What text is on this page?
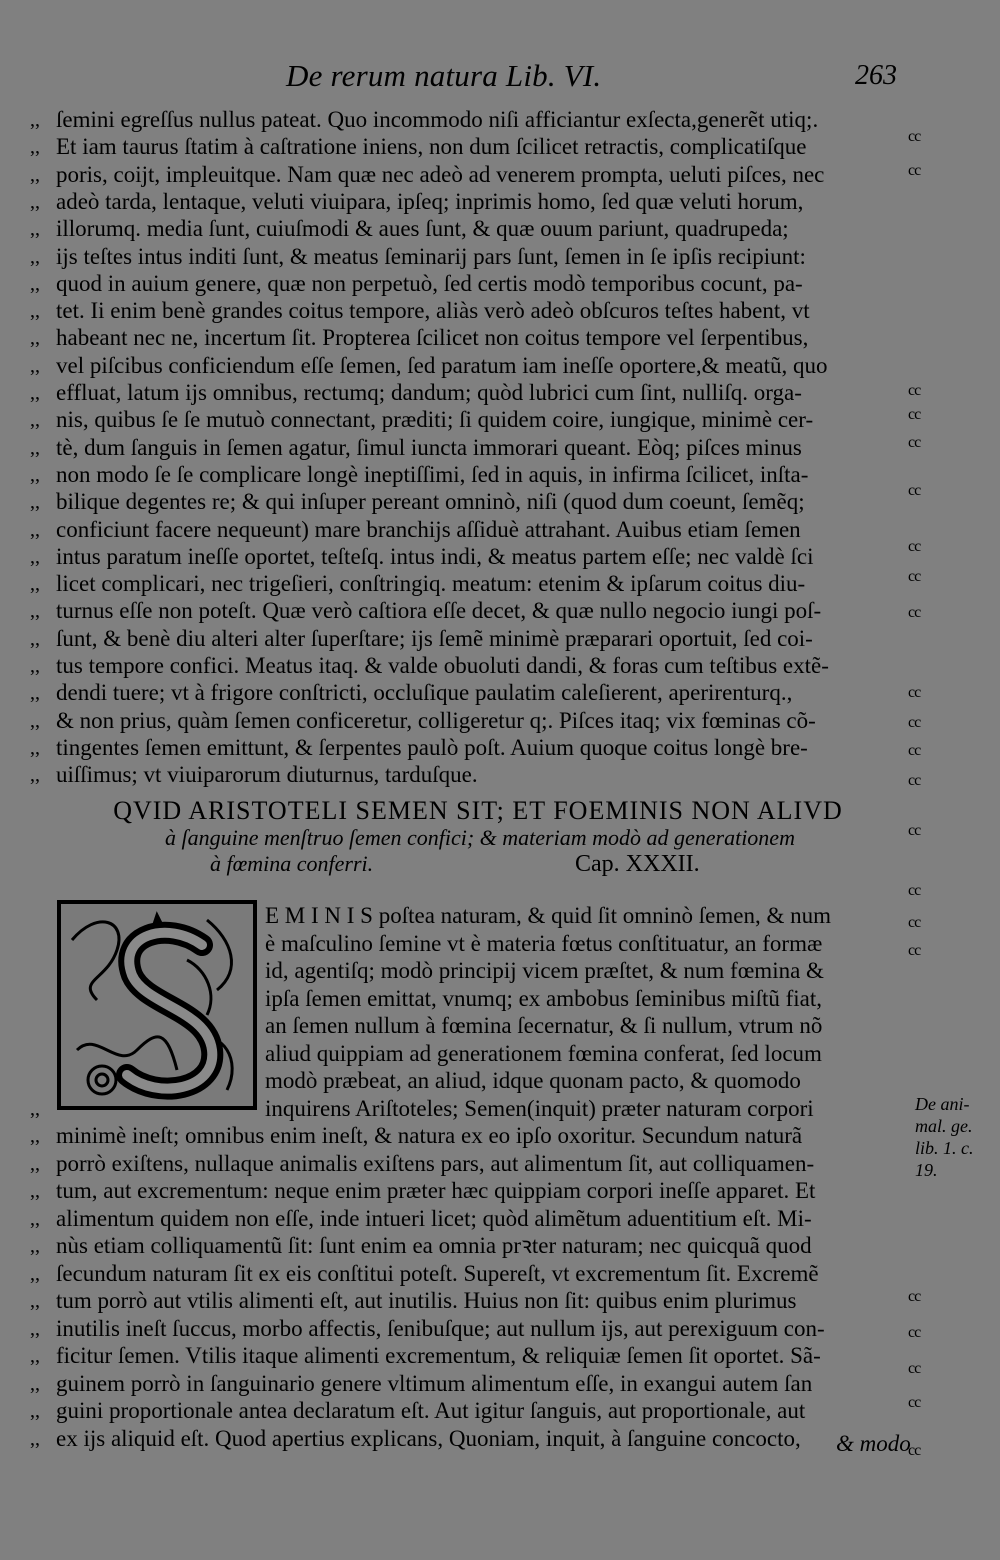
De rerum natura Lib. VI.	263
,, ſemini egreſſus nullus pateat. Quo incommodo niſi afficiantur exſecta,generẽt utiq;.
,, Et iam taurus ſtatim à caſtratione iniens, non dum ſcilicet retractis, complicatiſque
,, poris, coijt, impleuitque. Nam quæ nec adeò ad venerem prompta, ueluti piſces, nec
,, adeò tarda, lentaque, veluti viuipara, ipſeq; inprimis homo, ſed quæ veluti horum,
,, illorumq. media ſunt, cuiuſmodi & aues ſunt, & quæ ouum pariunt, quadrupeda;
,, ijs teſtes intus inditi ſunt, & meatus ſeminarij pars ſunt, ſemen in ſe ipſis recipiunt:
,, quod in auium genere, quæ non perpetuò, ſed certis modò temporibus cocunt, pa-
,, tet. Ii enim benè grandes coitus tempore, aliàs verò adeò obſcuros teſtes habent, vt
,, habeant nec ne, incertum ſit. Propterea ſcilicet non coitus tempore vel ſerpentibus,
,, vel piſcibus conficiendum eſſe ſemen, ſed paratum iam ineſſe oportere,& meatũ, quo
,, effluat, latum ijs omnibus, rectumq; dandum; quòd lubrici cum ſint, nulliſq. orga-
,, nis, quibus ſe ſe mutuò connectant, præditi; ſi quidem coire, iungique, minimè cer-
,, tè, dum ſanguis in ſemen agatur, ſimul iuncta immorari queant. Eòq; piſces minus
,, non modo ſe ſe complicare longè ineptiſſimi, ſed in aquis, in infirma ſcilicet, inſta-
,, bilique degentes re; & qui inſuper pereant omninò, niſi (quod dum coeunt, ſemẽq;
,, conficiunt facere nequeunt) mare branchijs aſſiduè attrahant. Auibus etiam ſemen
,, intus paratum ineſſe oportet, teſteſq. intus indi, & meatus partem eſſe; nec valdè ſci
,, licet complicari, nec trigeſieri, conſtringiq. meatum: etenim & ipſarum coitus diu-
,, turnus eſſe non poteſt. Quæ verò caſtiora eſſe decet, & quæ nullo negocio iungi poſ-
,, ſunt, & benè diu alteri alter ſuperſtare; ijs ſemẽ minimè præparari oportuit, ſed coi-
,, tus tempore confici. Meatus itaq. & valde obuoluti dandi, & foras cum teſtibus extẽ-
,, dendi tuere; vt à frigore conſtricti, occluſique paulatim caleſierent, aperirenturq.,
,, & non prius, quàm ſemen conficeretur, colligeretur q;. Piſces itaq; vix fœminas cõ-
,, tingentes ſemen emittunt, & ſerpentes paulò poſt. Auium quoque coitus longè bre-
,, uiſſimus; vt viuiparorum diuturnus, tarduſque.
QVID ARISTOTELI SEMEN SIT; ET FOEMINIS NON ALIVD
à ſanguine menſtruo ſemen confici; & materiam modò ad generationem
à fœmina conferri.	Cap. XXXII.
E M I N I S poſtea naturam, & quid ſit omninò ſemen, & num
è maſculino ſemine vt è materia fœtus conſtituatur, an formæ
id, agentiſq; modò principij vicem præſtet, & num fœmina &
ipſa ſemen emittat, vnumq; ex ambobus ſeminibus miſtũ fiat,
an ſemen nullum à fœmina ſecernatur, & ſi nullum, vtrum nõ
aliud quippiam ad generationem fœmina conferat, ſed locum
modò præbeat, an aliud, idque quonam pacto, & quomodo
,,	inquirens Ariſtoteles; Semen(inquit) præter naturam corpori
,, minimè ineſt; omnibus enim ineſt, & natura ex eo ipſo oxoritur. Secundum naturã
,, porrò exiſtens, nullaque animalis exiſtens pars, aut alimentum ſit, aut colliquamen-
,, tum, aut excrementum: neque enim præter hæc quippiam corpori ineſſe apparet. Et
,, alimentum quidem non eſſe, inde intueri licet; quòd alimẽtum aduentitium eſt. Mi-
,, nùs etiam colliquamentũ ſit: ſunt enim ea omnia prꝛter naturam; nec quicquã quod
,, ſecundum naturam ſit ex eis conſtitui poteſt. Supereſt, vt excrementum ſit. Excremẽ
,, tum porrò aut vtilis alimenti eſt, aut inutilis. Huius non ſit: quibus enim plurimus
,, inutilis ineſt ſuccus, morbo affectis, ſenibuſque; aut nullum ijs, aut perexiguum con-
,, ficitur ſemen. Vtilis itaque alimenti excrementum, & reliquiæ ſemen ſit oportet. Sã-
,, guinem porrò in ſanguinario genere vltimum alimentum eſſe, in exangui autem ſan
,, guini proportionale antea declaratum eſt. Aut igitur ſanguis, aut proportionale, aut
,, ex ijs aliquid eſt. Quod apertius explicans, Quoniam, inquit, à ſanguine concocto,	& modo
De ani-
mal. ge.
lib. 1. c.
19.
cc
cc
cc
cc
cc
cc
cc
cc
cc
cc
cc
cc
cc
cc
cc
cc
cc
cc
cc
cc
cc
cc
